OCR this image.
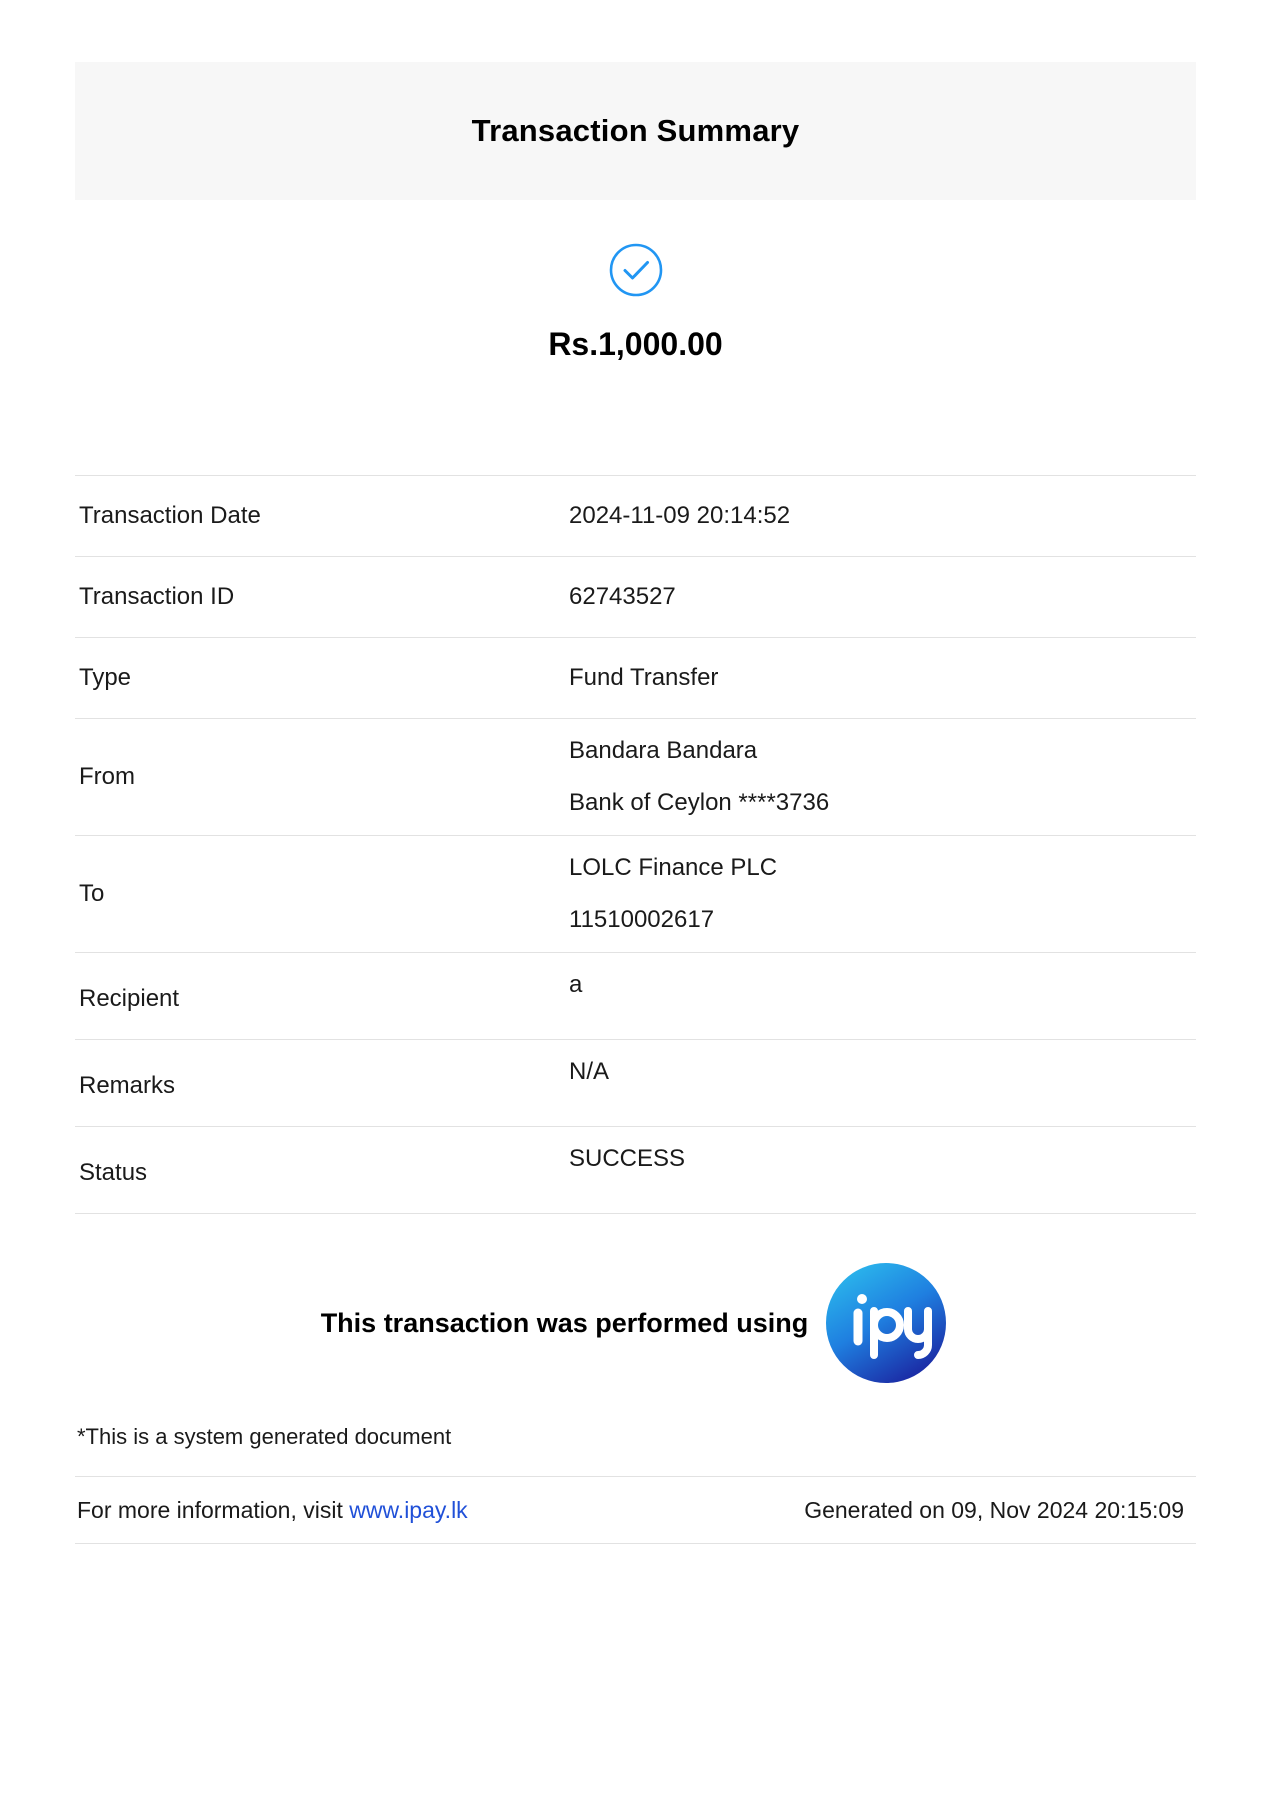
Transaction Summary
Rs.1,000.00
Transaction Date	2024-11-09 20:14:52
Transaction ID	62743527
Type	Fund Transfer
From	Bandara Bandara
Bank of Ceylon ****3736

To	LOLC Finance PLC
11510002617

Recipient	a
Remarks	N/A
Status	SUCCESS
This transaction was performed using
*This is a system generated document
For more information, visit www.ipay.lk	Generated on 09, Nov 2024 20:15:09
